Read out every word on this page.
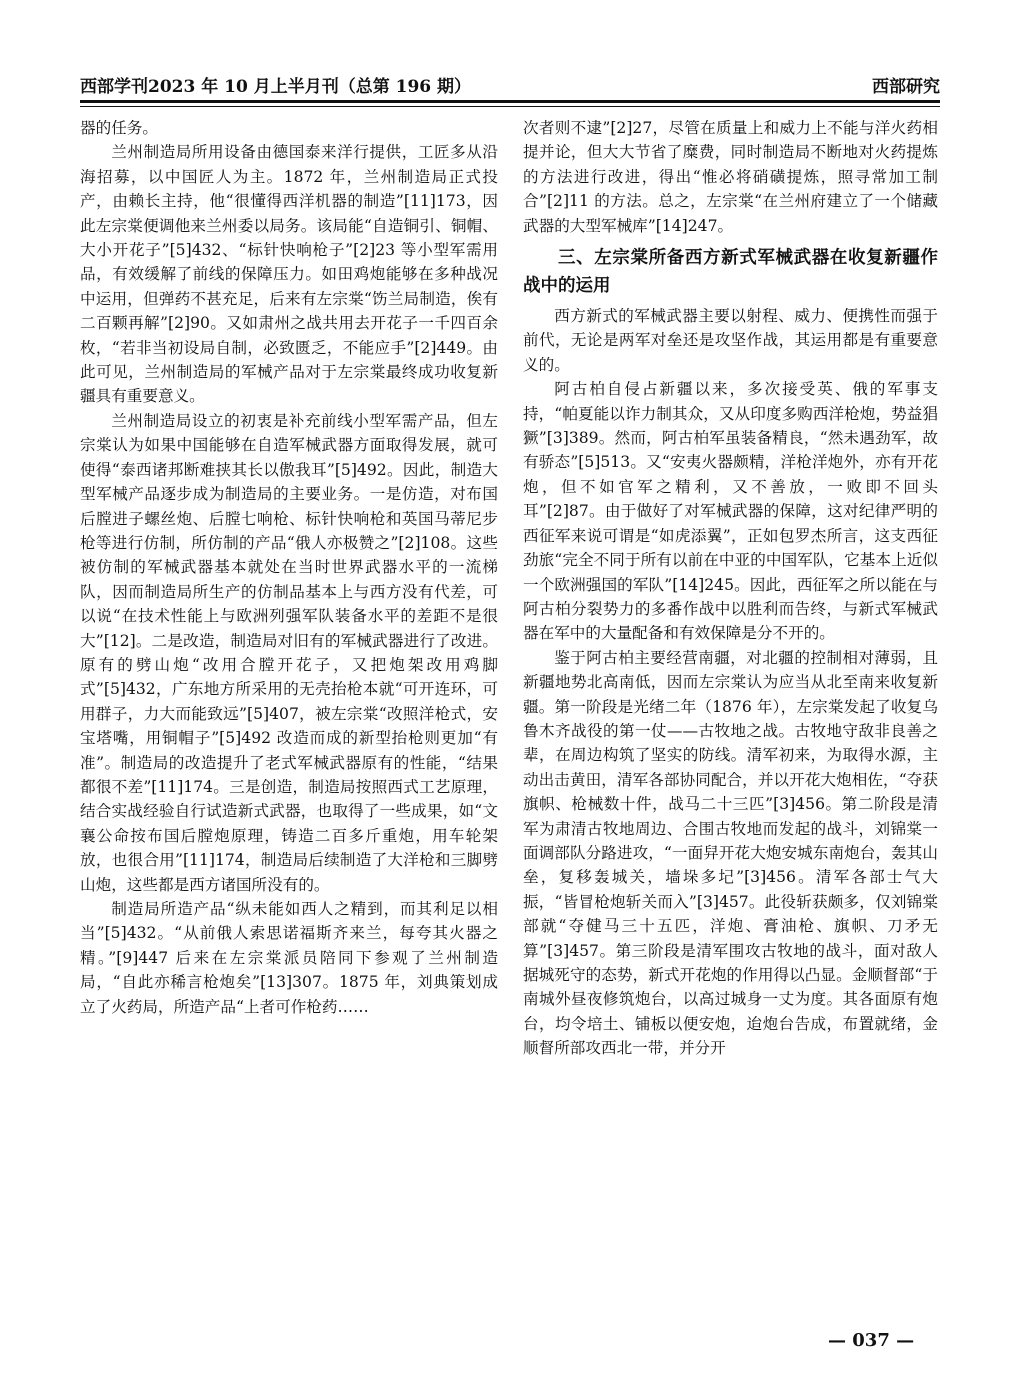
西部学刊2023 年 10 月上半月刊（总第 196 期）	西部研究

器的任务。

兰州制造局所用设备由德国泰来洋行提供，工匠多从沿海招募，以中国匠人为主。1872 年，兰州制造局正式投产，由赖长主持，他“很懂得西洋机器的制造”[11]173，因此左宗棠便调他来兰州委以局务。该局能“自造铜引、铜帽、大小开花子”[5]432、“标针快响枪子”[2]23 等小型军需用品，有效缓解了前线的保障压力。如田鸡炮能够在多种战况中运用，但弹药不甚充足，后来有左宗棠“饬兰局制造，俟有二百颗再解”[2]90。又如肃州之战共用去开花子一千四百余枚，“若非当初设局自制，必致匮乏，不能应手”[2]449。由此可见，兰州制造局的军械产品对于左宗棠最终成功收复新疆具有重要意义。

兰州制造局设立的初衷是补充前线小型军需产品，但左宗棠认为如果中国能够在自造军械武器方面取得发展，就可使得“泰西诸邦断难挟其长以傲我耳”[5]492。因此，制造大型军械产品逐步成为制造局的主要业务。一是仿造，对布国后膛进子螺丝炮、后膛七响枪、标针快响枪和英国马蒂尼步枪等进行仿制，所仿制的产品“俄人亦极赞之”[2]108。这些被仿制的军械武器基本就处在当时世界武器水平的一流梯队，因而制造局所生产的仿制品基本上与西方没有代差，可以说“在技术性能上与欧洲列强军队装备水平的差距不是很大”[12]。二是改造，制造局对旧有的军械武器进行了改进。原有的劈山炮“改用合膛开花子，又把炮架改用鸡脚式”[5]432，广东地方所采用的无壳抬枪本就“可开连环，可用群子，力大而能致远”[5]407，被左宗棠“改照洋枪式，安宝塔嘴，用铜帽子”[5]492 改造而成的新型抬枪则更加“有准”。制造局的改造提升了老式军械武器原有的性能，“结果都很不差”[11]174。三是创造，制造局按照西式工艺原理，结合实战经验自行试造新式武器，也取得了一些成果，如“文襄公命按布国后膛炮原理，铸造二百多斤重炮，用车轮架放，也很合用”[11]174，制造局后续制造了大洋枪和三脚劈山炮，这些都是西方诸国所没有的。

制造局所造产品“纵未能如西人之精到，而其利足以相当”[5]432。“从前俄人索思诺福斯齐来兰，每夸其火器之精。”[9]447 后来在左宗棠派员陪同下参观了兰州制造局，“自此亦稀言枪炮矣”[13]307。1875 年，刘典策划成立了火药局，所造产品“上者可作枪药……

次者则不逮”[2]27，尽管在质量上和威力上不能与洋火药相提并论，但大大节省了糜费，同时制造局不断地对火药提炼的方法进行改进，得出“惟必将硝磺提炼，照寻常加工制合”[2]11 的方法。总之，左宗棠“在兰州府建立了一个储藏武器的大型军械库”[14]247。

三、左宗棠所备西方新式军械武器在收复新疆作战中的运用

西方新式的军械武器主要以射程、威力、便携性而强于前代，无论是两军对垒还是攻坚作战，其运用都是有重要意义的。

阿古柏自侵占新疆以来，多次接受英、俄的军事支持，“帕夏能以诈力制其众，又从印度多购西洋枪炮，势益猖獗”[3]389。然而，阿古柏军虽装备精良，“然未遇劲军，故有骄态”[5]513。又“安夷火器颇精，洋枪洋炮外，亦有开花炮，但不如官军之精利，又不善放，一败即不回头耳”[2]87。由于做好了对军械武器的保障，这对纪律严明的西征军来说可谓是“如虎添翼”，正如包罗杰所言，这支西征劲旅“完全不同于所有以前在中亚的中国军队，它基本上近似一个欧洲强国的军队”[14]245。因此，西征军之所以能在与阿古柏分裂势力的多番作战中以胜利而告终，与新式军械武器在军中的大量配备和有效保障是分不开的。

鉴于阿古柏主要经营南疆，对北疆的控制相对薄弱，且新疆地势北高南低，因而左宗棠认为应当从北至南来收复新疆。第一阶段是光绪二年（1876 年），左宗棠发起了收复乌鲁木齐战役的第一仗——古牧地之战。古牧地守敌非良善之辈，在周边构筑了坚实的防线。清军初来，为取得水源，主动出击黄田，清军各部协同配合，并以开花大炮相佐，“夺获旗帜、枪械数十件，战马二十三匹”[3]456。第二阶段是清军为肃清古牧地周边、合围古牧地而发起的战斗，刘锦棠一面调部队分路进攻，“一面舁开花大炮安城东南炮台，轰其山垒，复移轰城关，墙垛多圮”[3]456。清军各部士气大振，“皆冒枪炮斩关而入”[3]457。此役斩获颇多，仅刘锦棠部就“夺健马三十五匹，洋炮、膏油枪、旗帜、刀矛无算”[3]457。第三阶段是清军围攻古牧地的战斗，面对敌人据城死守的态势，新式开花炮的作用得以凸显。金顺督部“于南城外昼夜修筑炮台，以高过城身一丈为度。其各面原有炮台，均令培土、铺板以便安炮，迨炮台告成，布置就绪，金顺督所部攻西北一带，并分开

— 037 —
